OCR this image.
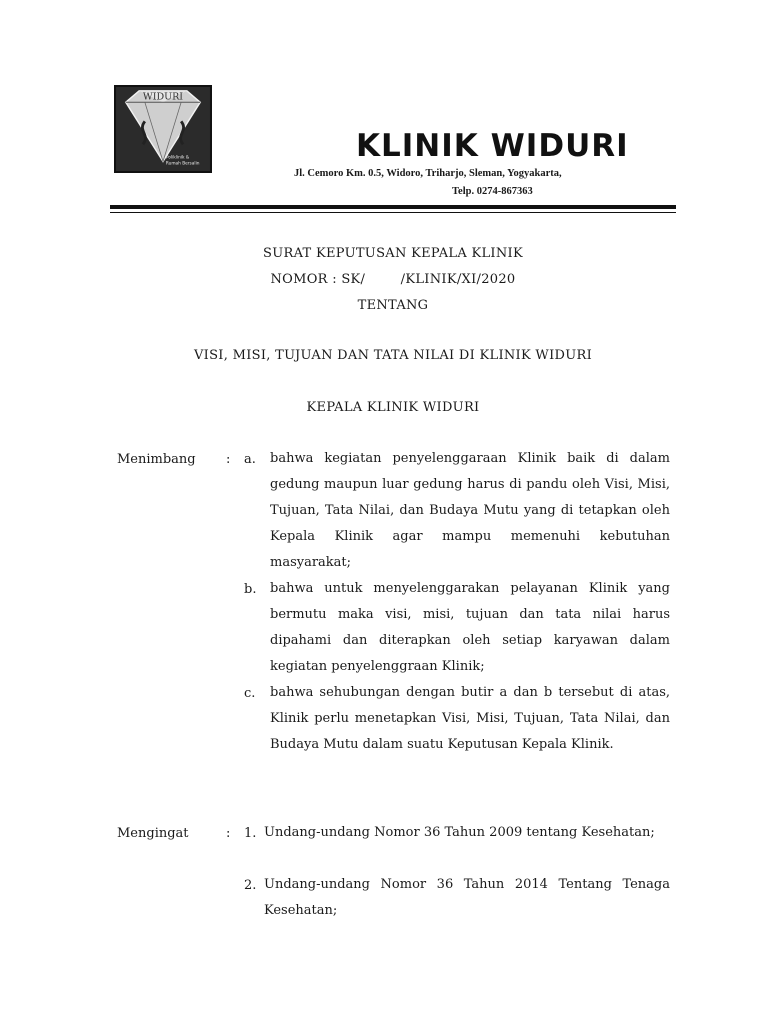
WIDURI
Poliklinik &
Rumah Bersalin	KLINIK WIDURI
Jl. Cemoro Km. 0.5, Widoro, Triharjo, Sleman, Yogyakarta,
Telp. 0274-867363
SURAT KEPUTUSAN KEPALA KLINIK
NOMOR : SK/        /KLINIK/XI/2020
TENTANG
VISI, MISI, TUJUAN DAN TATA NILAI DI KLINIK WIDURI
KEPALA KLINIK WIDURI
Menimbang : a. bahwa kegiatan penyelenggaraan Klinik baik di dalam gedung maupun luar gedung harus di pandu oleh Visi, Misi, Tujuan, Tata Nilai, dan Budaya Mutu yang di tetapkan oleh Kepala Klinik agar mampu memenuhi kebutuhan masyarakat;

b. bahwa untuk menyelenggarakan pelayanan Klinik yang bermutu maka visi, misi, tujuan dan tata nilai harus dipahami dan diterapkan oleh setiap karyawan dalam kegiatan penyelenggraan Klinik;

c. bahwa sehubungan dengan butir a dan b tersebut di atas, Klinik perlu menetapkan Visi, Misi, Tujuan, Tata Nilai, dan Budaya Mutu dalam suatu Keputusan Kepala Klinik.

Mengingat	: 1. Undang-undang Nomor 36 Tahun 2009 tentang Kesehatan;

2. Undang-undang Nomor 36 Tahun 2014 Tentang Tenaga Kesehatan;
